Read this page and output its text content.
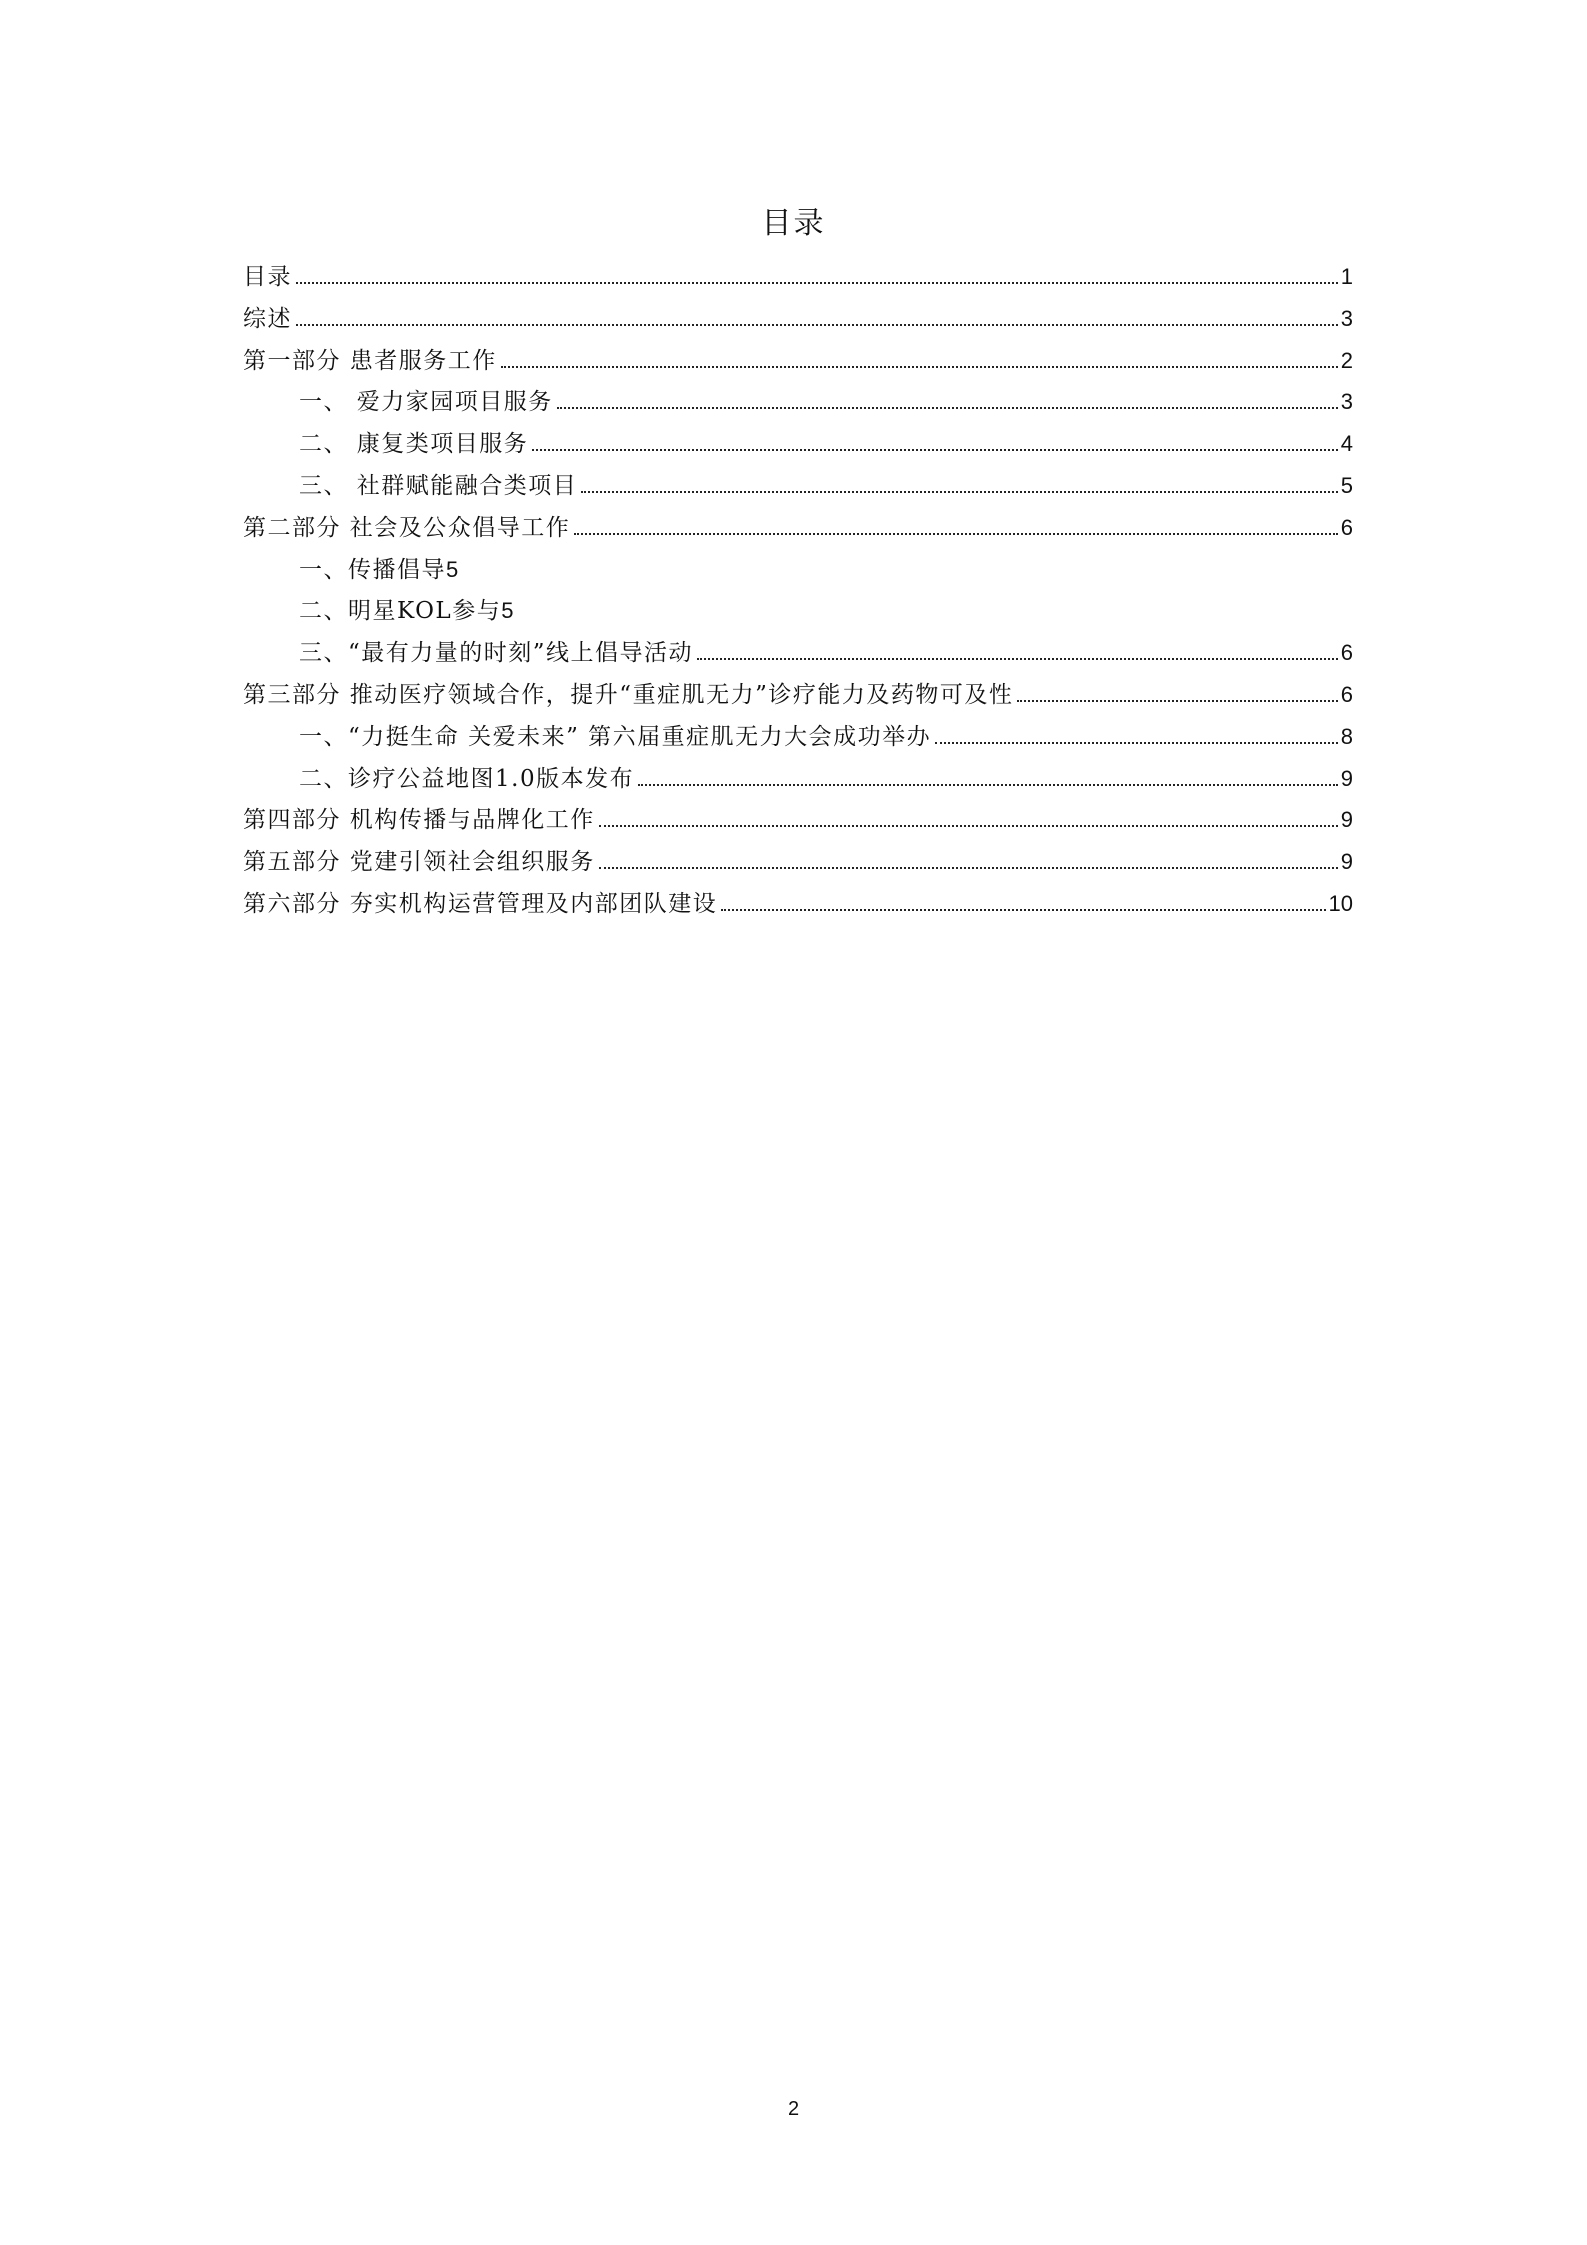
目录
目录	1
综述	3
第一部分 患者服务工作	2
一、 爱力家园项目服务	3
二、 康复类项目服务	4
三、 社群赋能融合类项目	5
第二部分 社会及公众倡导工作	6
一、传播倡导 5
二、明星KOL参与 5
三、“最有力量的时刻”线上倡导活动	6
第三部分 推动医疗领域合作，提升“重症肌无力”诊疗能力及药物可及性	6
一、“力挺生命 关爱未来” 第六届重症肌无力大会成功举办	8
二、诊疗公益地图1.0版本发布	9
第四部分 机构传播与品牌化工作	9
第五部分 党建引领社会组织服务	9
第六部分 夯实机构运营管理及内部团队建设	10
2
